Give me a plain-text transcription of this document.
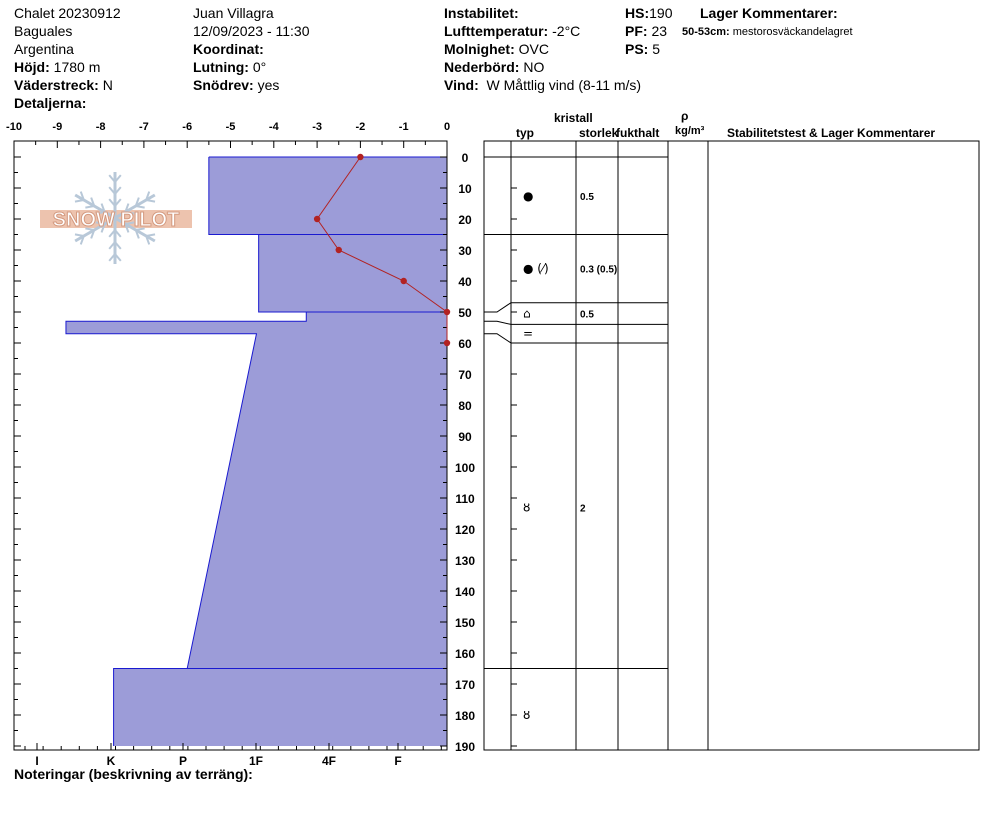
Chalet 20230912
Baguales
Argentina
Höjd: 1780 m
Väderstreck: N
Detaljerna:
Juan Villagra
12/09/2023 - 11:30
Koordinat:
Lutning: 0°
Snödrev: yes
Instabilitet:
Lufttemperatur: -2°C
Molnighet: OVC
Nederbörd: NO
Vind: W Måttlig vind (8-11 m/s)
HS:190
PF: 23
PS: 5
Lager Kommentarer:
50-53cm: mestorosväckandelagret
SNOW PILOT
-10	-9	-8	-7	-6	-5	-4	-3	-2	-1	0
0
10
20
30
40
50
60
70
80
90
100
110
120
130
140
150
160
170
180
190
I	K	P	1F	4F	F
●	0.5
● (⁄)	0.3 (0.5)
⌂	0.5
=
ȣ	2
ȣ
kristall
typ	storlek
fukthalt
ρ
kg/m³ Stabilitetstest & Lager Kommentarer
Noteringar (beskrivning av terräng):
